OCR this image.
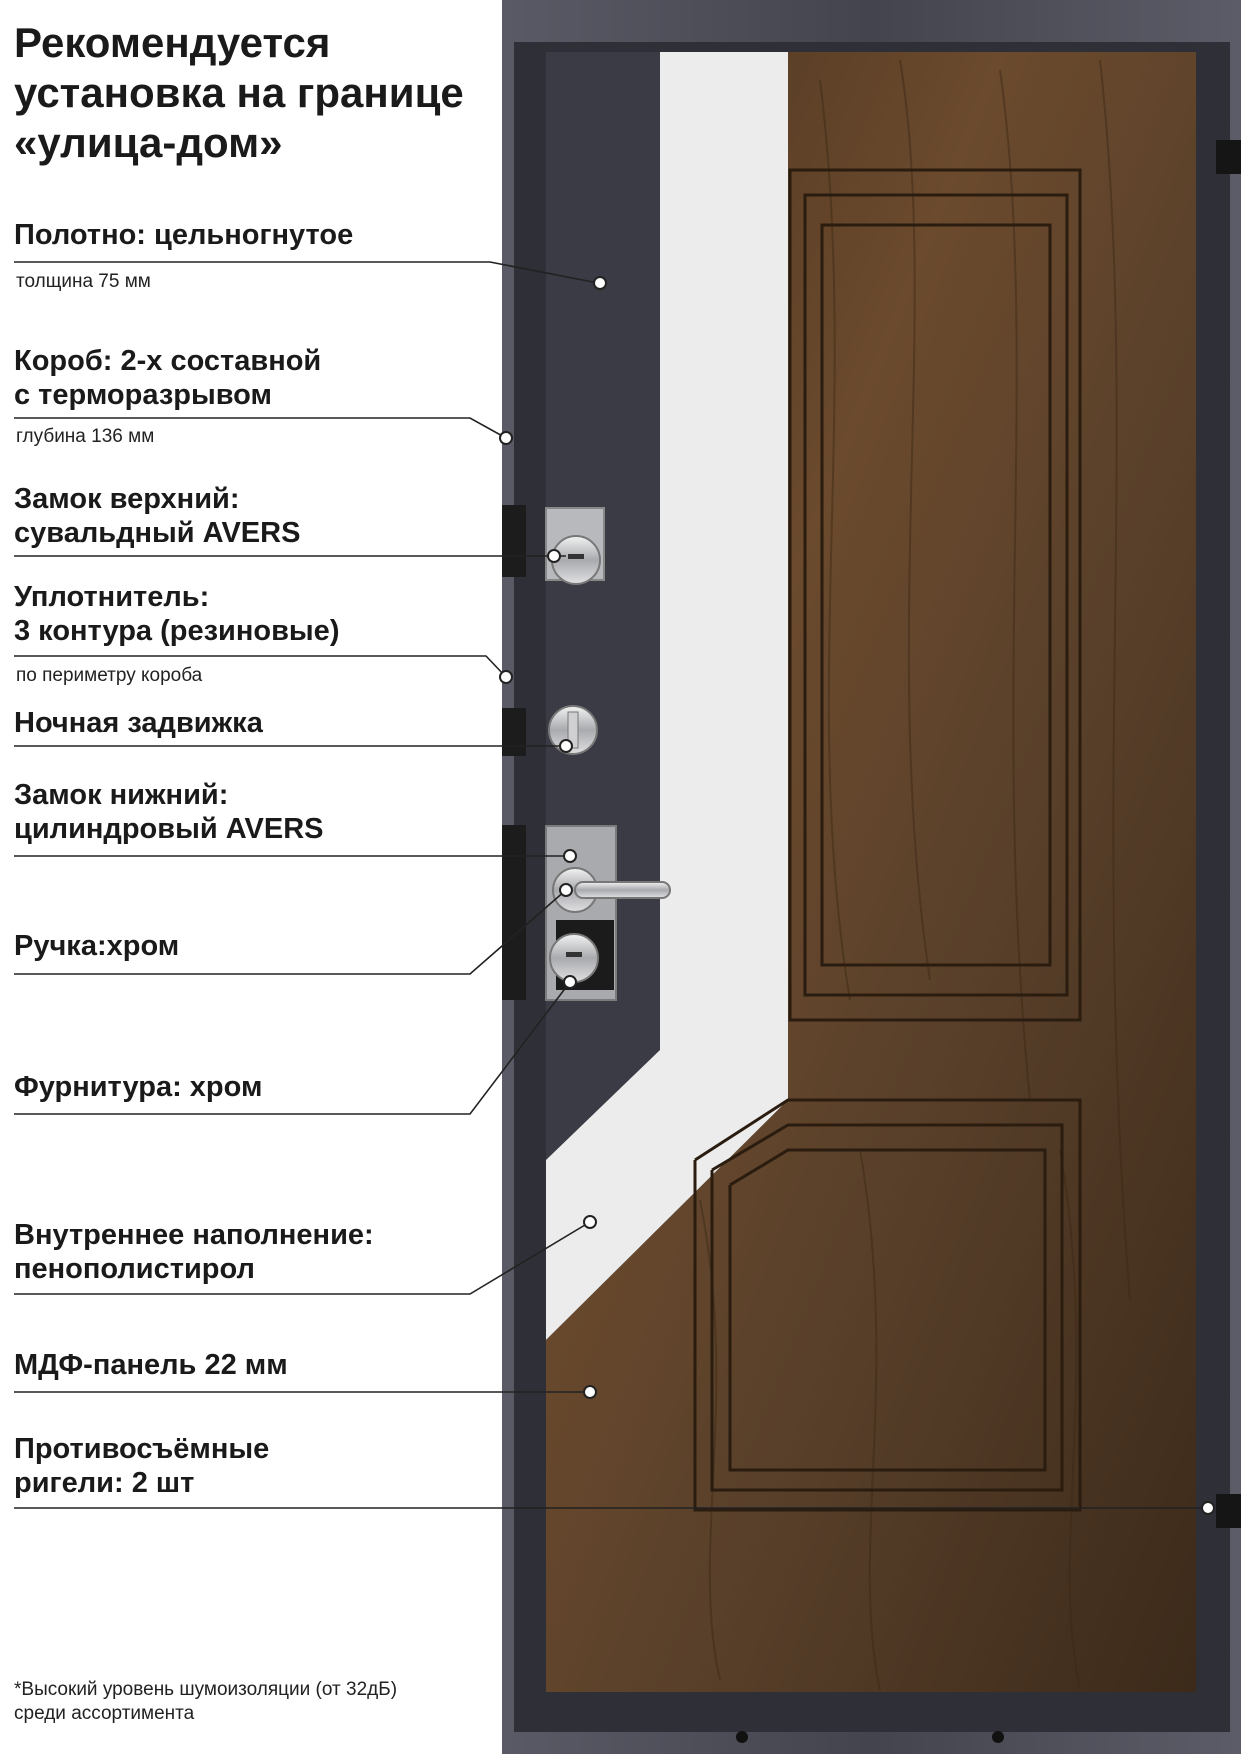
Рекомендуется
установка на границе
«улица-дом»
Полотно: цельногнутое
толщина 75 мм
Короб: 2-х составной
с терморазрывом
глубина 136 мм
Замок верхний:
сувальдный AVERS
Уплотнитель:
3 контура (резиновые)
по периметру короба
Ночная задвижка
Замок нижний:
цилиндровый AVERS
Ручка:хром
Фурнитура: хром
Внутреннее наполнение:
пенополистирол
МДФ-панель 22 мм
Противосъёмные
ригели: 2 шт
*Высокий уровень шумоизоляции (от 32дБ)
среди ассортимента
